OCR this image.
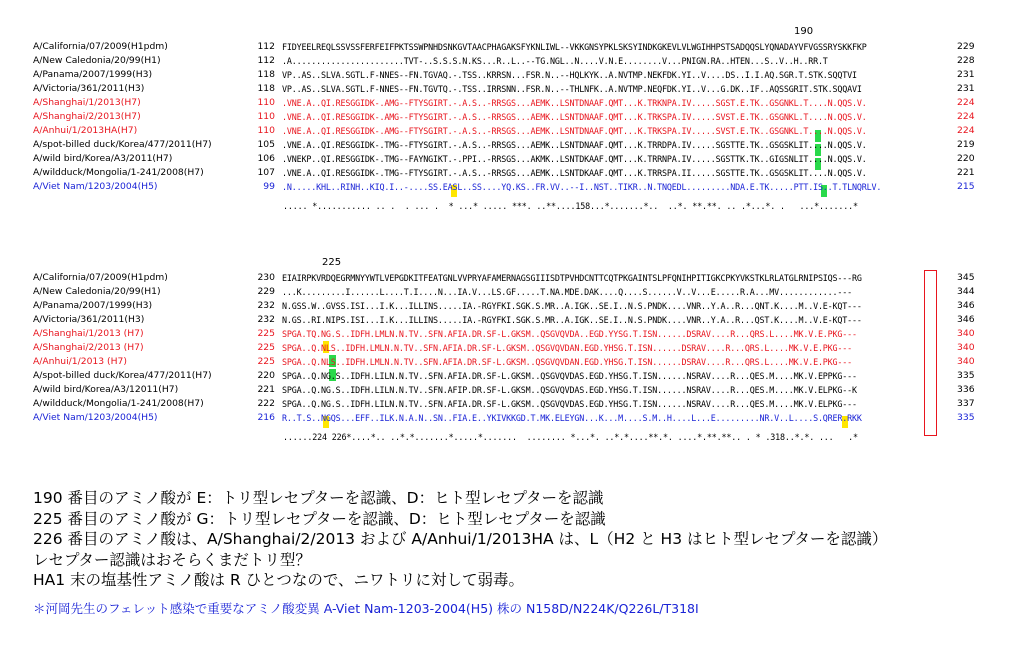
190
A/California/07/2009(H1pdm)	112 FIDYEELREQLSSVSSFERFEIFPKTSSWPNHDSNKGVTAACPHAGAKSFYKNLIWL--VKKGNSYPKLSKSYINDKGKEVLVLWGIHHPSTSADQQSLYQNADAYVFVGSSRYSKKFKP	229
A/New Caledonia/20/99(H1)	112 .A.......................TVT-..S.S.S.N.KS...R..L..--TG.NGL..N....V.N.E........V...PNIGN.RA..HTEN...S..V..H..RR.T	228
A/Panama/2007/1999(H3)	118 VP..AS..SLVA.SGTL.F-NNES--FN.TGVAQ.-.TSS..KRRSN...FSR.N..--HQLKYK..A.NVTMP.NEKFDK.YI..V....DS..I.I.AQ.SGR.T.STK.SQQTVI	231
A/Victoria/361/2011(H3)	118 VP..AS..SLVA.SGTL.F-NNES--FN.TGVTQ.-.TSS..IRRSNN..FSR.N..--THLNFK..A.NVTMP.NEQFDK.YI..V...G.DK..IF..AQSSGRIT.STK.SQQAVI	231
A/Shanghai/1/2013(H7)	110 .VNE.A..QI.RESGGIDK-.AMG--FTYSGIRT.-.A.S..-RRSGS...AEMK..LSNTDNAAF.QMT...K.TRKNPA.IV.....SGST.E.TK..GSGNKL.T....N.QQS.V.	224
A/Shanghai/2/2013(H7)	110 .VNE.A..QI.RESGGIDK-.AMG--FTYSGIRT.-.A.S..-RRSGS...AEMK..LSNTDNAAF.QMT...K.TRKSPA.IV.....SVST.E.TK..GSGNKL.T....N.QQS.V.	224
A/Anhui/1/2013HA(H7)	110 .VNE.A..QI.RESGGIDK-.AMG--FTYSGIRT.-.A.S..-RRSGS...AEMK..LSNTDNAAF.QMT...K.TRKSPA.IV.....SVST.E.TK..GSGNKL.T....N.QQS.V.	224
A/spot-billed duck/Korea/477/2011(H7)	105 .VNE.A..QI.RESGGIDK-.TMG--FTYSGIRT.-.A.S..-RRSGS...AEMK..LSNTDNAAF.QMT...K.TRRDPA.IV.....SGSTTE.TK..GSGSKLIT....N.QQS.V.	219
A/wild bird/Korea/A3/2011(H7)	106 .VNEKP..QI.RESGGIDK-.TMG--FAYNGIKT.-.PPI..-RRSGS...AKMK..LSNTDKAAF.QMT...K.TRRNPA.IV.....SGSTTK.TK..GIGSNLIT....N.QQS.V.	220
A/wildduck/Mongolia/1-241/2008(H7)	107 .VNE.A..QI.RESGGIDK-.TMG--FTYSGIRT.-.A.S..-RRSGS...AEMK..LSNTDKAAF.QMT...K.TRRSPA.II.....SGSTTE.TK..GSGSKLIT....N.QQS.V.	221
A/Viet Nam/1203/2004(H5)	99 .N.....KHL..RINH..KIQ.I..-....SS.EASL..SS....YQ.KS..FR.VV..--I..NST..TIKR..N.TNQEDL.........NDA.E.TK.....PTT.IS..T.TLNQRLV.	215
..... *........... .. .  . ... .  * ...* ..... ***. ..**....158...*.......*..  ..*. **.**. .. .*...*. .   ...*.......*
225
A/California/07/2009(H1pdm)	230 EIAIRPKVRDQEGRMNYYWTLVEPGDKITFEATGNLVVPRYAFAMERNAGSGIIISDTPVHDCNTTCQTPKGAINTSLPFQNIHPITIGKCPKYVKSTKLRLATGLRNIPSIQS---RG	345
A/New Caledonia/20/99(H1)	229 ...K.........I......L....T.I....N...IA.V...LS.GF.....T.NA.MDE.DAK....Q....S......V..V...E.....R.A...MV............---	344
A/Panama/2007/1999(H3)	232 N.GSS.W..GVSS.ISI...I.K...ILLINS.....IA.-RGYFKI.SGK.S.MR..A.IGK..SE.I..N.S.PNDK....VNR..Y.A..R...QNT.K....M..V.E-KQT---	346
A/Victoria/361/2011(H3)	232 N.GS..RI.NIPS.ISI...I.K...ILLINS.....IA.-RGYFKI.SGK.S.MR..A.IGK..SE.I..N.S.PNDK....VNR..Y.A..R...QST.K....M..V.E-KQT---	346
A/Shanghai/1/2013 (H7)	225 SPGA.TQ.NG.S..IDFH.LMLN.N.TV..SFN.AFIA.DR.SF-L.GKSM..QSGVQVDA..EGD.YYSG.T.ISN......DSRAV....R...QRS.L....MK.V.E.PKG---	340
A/Shanghai/2/2013 (H7)	225 SPGA..Q.NLS..IDFH.LMLN.N.TV..SFN.AFIA.DR.SF-L.GKSM..QSGVQVDAN.EGD.YHSG.T.ISN......DSRAV....R...QRS.L....MK.V.E.PKG---	340
A/Anhui/1/2013 (H7)	225 SPGA..Q.NLS..IDFH.LMLN.N.TV..SFN.AFIA.DR.SF-L.GKSM..QSGVQVDAN.EGD.YHSG.T.ISN......DSRAV....R...QRS.L....MK.V.E.PKG---	340
A/spot-billed duck/Korea/477/2011(H7)	220 SPGA..Q.NG.S..IDFH.LILN.N.TV..SFN.AFIA.DR.SF-L.GKSM..QSGVQVDAS.EGD.YHSG.T.ISN......NSRAV....R...QES.M....MK.V.EPPKG---	335
A/wild bird/Korea/A3/12011(H7)	221 SPGA..Q.NG.S..IDFH.LILN.N.TV..SFN.AFIP.DR.SF-L.GKSM..QSGVQVDAS.EGD.YHSG.T.ISN......NSRAV....R...QES.M....MK.V.ELPKG--K	336
A/wildduck/Mongolia/1-241/2008(H7)	222 SPGA..Q.NG.S..IDFH.LILN.N.TV..SFN.AFIA.DR.SF-L.GKSM..QSGVQVDAS.EGD.YHSG.T.ISN......NSRAV....R...QES.M....MK.V.ELPKG---	337
A/Viet Nam/1203/2004(H5)	216 R..T.S..NGQS...EFF..ILK.N.A.N..SN..FIA.E..YKIVKKGD.T.MK.ELEYGN...K...M....S.M..H....L...E.........NR.V..L....S.QRER.RKK	335
......224 226*....*.. ..*.*.......*.....*.......  ........ *...*. ..*.*....**.*. ....*.**.**.. . * .318..*.*. ...   .*
190 番目のアミノ酸が E：トリ型レセプターを認識、D：ヒト型レセプターを認識
225 番目のアミノ酸が G：トリ型レセプターを認識、D：ヒト型レセプターを認識
226 番目のアミノ酸は、A/Shanghai/2/2013 および A/Anhui/1/2013HA は、L（H2 と H3 はヒト型レセプターを認識）
レセプター認識はおそらくまだトリ型？
HA1 末の塩基性アミノ酸は R ひとつなので、ニワトリに対して弱毒。
＊河岡先生のフェレット感染で重要なアミノ酸変異 A-Viet Nam-1203-2004(H5) 株の N158D/N224K/Q226L/T318I
